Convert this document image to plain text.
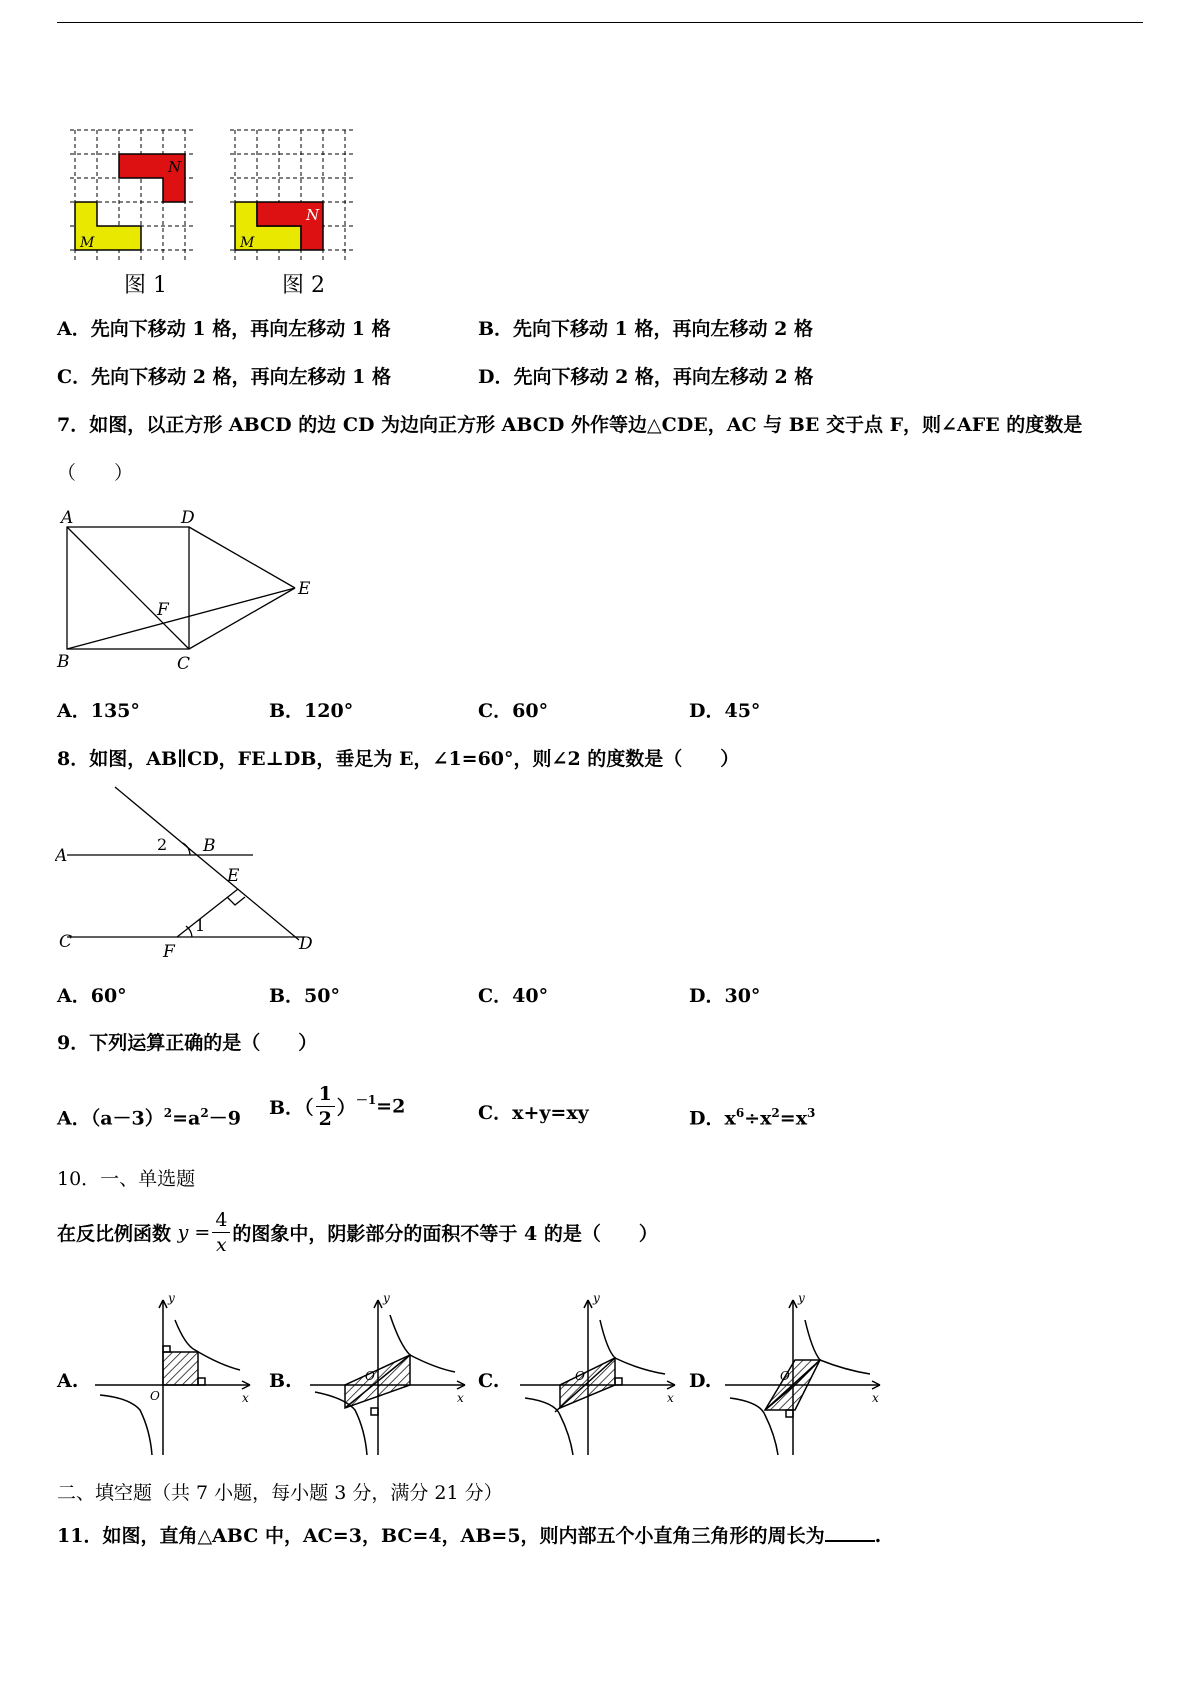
N
M
N
M
图 1	图 2
A．先向下移动 1 格，再向左移动 1 格	B．先向下移动 1 格，再向左移动 2 格
C．先向下移动 2 格，再向左移动 1 格	D．先向下移动 2 格，再向左移动 2 格
7．如图，以正方形 ABCD 的边 CD 为边向正方形 ABCD 外作等边△CDE，AC 与 BE 交于点 F，则∠AFE 的度数是
（　　）
A	D
E
F
B	C
A．135°	B．120°	C．60°	D．45°
8．如图，AB∥CD，FE⊥DB，垂足为 E，∠1=60°，则∠2 的度数是（　　）
A	B
E
C	D
F
2
1
A．60°	B．50°	C．40°	D．30°
9．下列运算正确的是（　　）
A．$(a-3)^2=a^2-9$ B．（ $\frac{1}{2} )^{-1}=2$	C．x+y=xy	D．$x^6\div x^2=x^3$
10．一、单选题
在反比例函数 $y = \frac{4}{x}$ 的图象中，阴影部分的面积不等于 4 的是（　　）
A.	B.	C.	D.
y
x
O
y
x
O
y
x
O
y
x
O
二、填空题（共 7 小题，每小题 3 分，满分 21 分）
11．如图，直角△ABC 中，AC=3，BC=4，AB=5，则内部五个小直角三角形的周长为	.
